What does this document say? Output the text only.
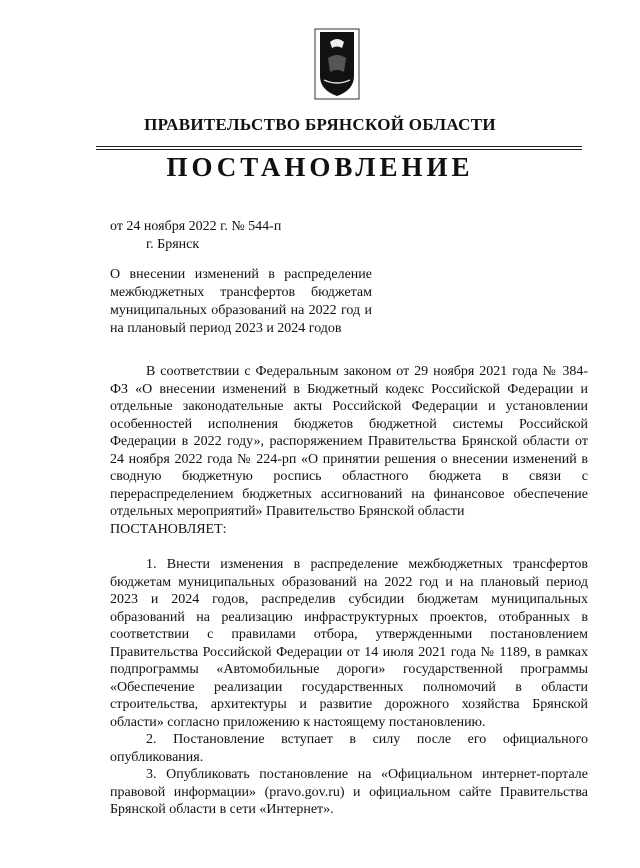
ПРАВИТЕЛЬСТВО БРЯНСКОЙ ОБЛАСТИ
ПОСТАНОВЛЕНИЕ
от 24 ноября 2022 г. № 544-п
г. Брянск
О внесении изменений в распределение межбюджетных трансфертов бюджетам муниципальных образований на 2022 год и на плановый период 2023 и 2024 годов

В соответствии с Федеральным законом от 29 ноября 2021 года № 384-ФЗ «О внесении изменений в Бюджетный кодекс Российской Федерации и отдельные законодательные акты Российской Федерации и установлении особенностей исполнения бюджетов бюджетной системы Российской Федерации в 2022 году», распоряжением Правительства Брянской области от 24 ноября 2022 года № 224-рп «О принятии решения о внесении изменений в сводную бюджетную роспись областного бюджета в связи с перераспределением бюджетных ассигнований на финансовое обеспечение отдельных мероприятий» Правительство Брянской области

ПОСТАНОВЛЯЕТ:

1. Внести изменения в распределение межбюджетных трансфертов бюджетам муниципальных образований на 2022 год и на плановый период 2023 и 2024 годов, распределив субсидии бюджетам муниципальных образований на реализацию инфраструктурных проектов, отобранных в соответствии с правилами отбора, утвержденными постановлением Правительства Российской Федерации от 14 июля 2021 года № 1189, в рамках подпрограммы «Автомобильные дороги» государственной программы «Обеспечение реализации государственных полномочий в области строительства, архитектуры и развитие дорожного хозяйства Брянской области» согласно приложению к настоящему постановлению.

2. Постановление вступает в силу после его официального опубликования.

3. Опубликовать постановление на «Официальном интернет-портале правовой информации» (pravo.gov.ru) и официальном сайте Правительства Брянской области в сети «Интернет».
